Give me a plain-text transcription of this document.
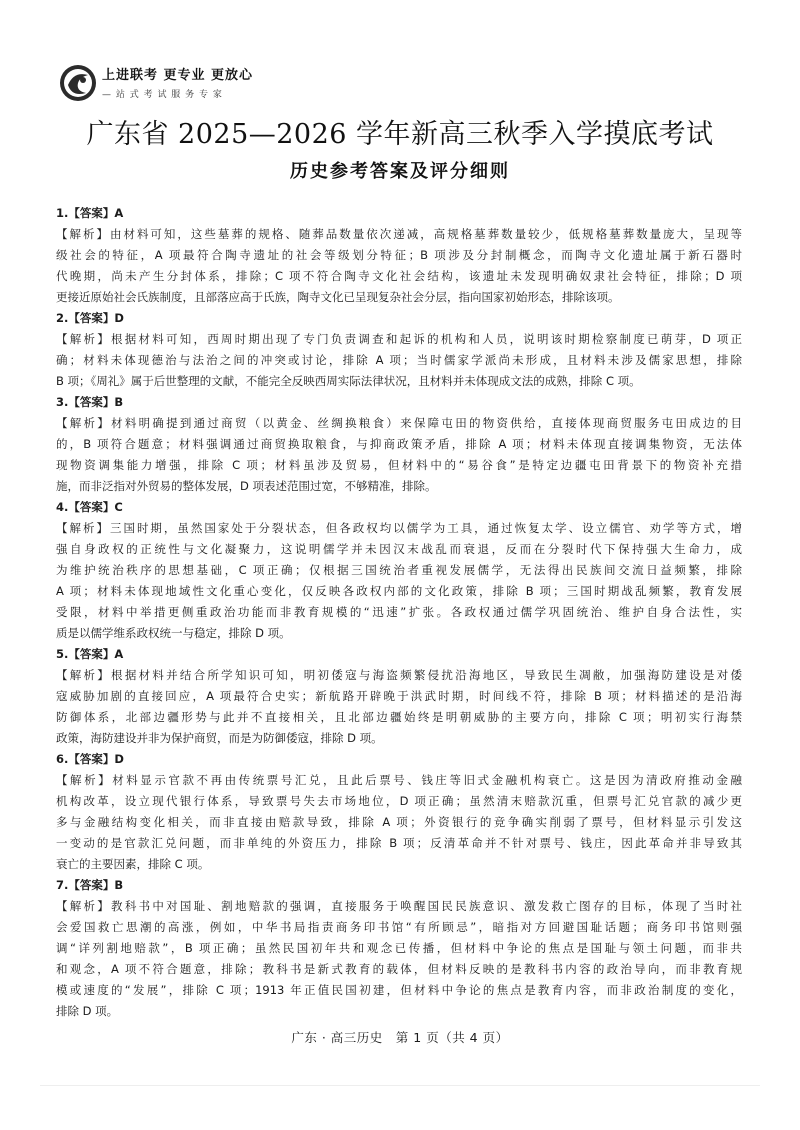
上进联考 更专业 更放心
— 站 式 考 试 服 务 专 家
广东省 2025—2026 学年新高三秋季入学摸底考试
历史参考答案及评分细则
1.【答案】A

【解析】由材料可知，这些墓葬的规格、随葬品数量依次递减，高规格墓葬数量较少，低规格墓葬数量庞大，呈现等

级社会的特征，A 项最符合陶寺遗址的社会等级划分特征；B 项涉及分封制概念，而陶寺文化遗址属于新石器时

代晚期，尚未产生分封体系，排除；C 项不符合陶寺文化社会结构，该遗址未发现明确奴隶社会特征，排除；D 项

更接近原始社会氏族制度，且部落应高于氏族，陶寺文化已呈现复杂社会分层，指向国家初始形态，排除该项。

2.【答案】D

【解析】根据材料可知，西周时期出现了专门负责调查和起诉的机构和人员，说明该时期检察制度已萌芽，D 项正

确；材料未体现德治与法治之间的冲突或讨论，排除 A 项；当时儒家学派尚未形成，且材料未涉及儒家思想，排除

B 项；《周礼》属于后世整理的文献，不能完全反映西周实际法律状况，且材料并未体现成文法的成熟，排除 C 项。

3.【答案】B

【解析】材料明确提到通过商贸（以黄金、丝绸换粮食）来保障屯田的物资供给，直接体现商贸服务屯田成边的目

的，B 项符合题意；材料强调通过商贸换取粮食，与抑商政策矛盾，排除 A 项；材料未体现直接调集物资，无法体

现物资调集能力增强，排除 C 项；材料虽涉及贸易，但材料中的“易谷食”是特定边疆屯田背景下的物资补充措

施，而非泛指对外贸易的整体发展，D 项表述范围过宽，不够精准，排除。

4.【答案】C

【解析】三国时期，虽然国家处于分裂状态，但各政权均以儒学为工具，通过恢复太学、设立儒官、劝学等方式，增

强自身政权的正统性与文化凝聚力，这说明儒学并未因汉末战乱而衰退，反而在分裂时代下保持强大生命力，成

为维护统治秩序的思想基础，C 项正确；仅根据三国统治者重视发展儒学，无法得出民族间交流日益频繁，排除

A 项；材料未体现地域性文化重心变化，仅反映各政权内部的文化政策，排除 B 项；三国时期战乱频繁，教育发展

受限，材料中举措更侧重政治功能而非教育规模的“迅速”扩张。各政权通过儒学巩固统治、维护自身合法性，实

质是以儒学维系政权统一与稳定，排除 D 项。

5.【答案】A

【解析】根据材料并结合所学知识可知，明初倭寇与海盗频繁侵扰沿海地区，导致民生凋敝，加强海防建设是对倭

寇威胁加剧的直接回应，A 项最符合史实；新航路开辟晚于洪武时期，时间线不符，排除 B 项；材料描述的是沿海

防御体系，北部边疆形势与此并不直接相关，且北部边疆始终是明朝威胁的主要方向，排除 C 项；明初实行海禁

政策，海防建设并非为保护商贸，而是为防御倭寇，排除 D 项。

6.【答案】D

【解析】材料显示官款不再由传统票号汇兑，且此后票号、钱庄等旧式金融机构衰亡。这是因为清政府推动金融

机构改革，设立现代银行体系，导致票号失去市场地位，D 项正确；虽然清末赔款沉重，但票号汇兑官款的减少更

多与金融结构变化相关，而非直接由赔款导致，排除 A 项；外资银行的竞争确实削弱了票号，但材料显示引发这

一变动的是官款汇兑问题，而非单纯的外资压力，排除 B 项；反清革命并不针对票号、钱庄，因此革命并非导致其

衰亡的主要因素，排除 C 项。

7.【答案】B

【解析】教科书中对国耻、割地赔款的强调，直接服务于唤醒国民民族意识、激发救亡图存的目标，体现了当时社

会爱国救亡思潮的高涨，例如，中华书局指责商务印书馆“有所顾忌”，暗指对方回避国耻话题；商务印书馆则强

调“详列割地赔款”，B 项正确；虽然民国初年共和观念已传播，但材料中争论的焦点是国耻与领土问题，而非共

和观念，A 项不符合题意，排除；教科书是新式教育的载体，但材料反映的是教科书内容的政治导向，而非教育规

模或速度的“发展”，排除 C 项；1913 年正值民国初建，但材料中争论的焦点是教育内容，而非政治制度的变化，

排除 D 项。

广东 · 高三历史　第 1 页（共 4 页）
